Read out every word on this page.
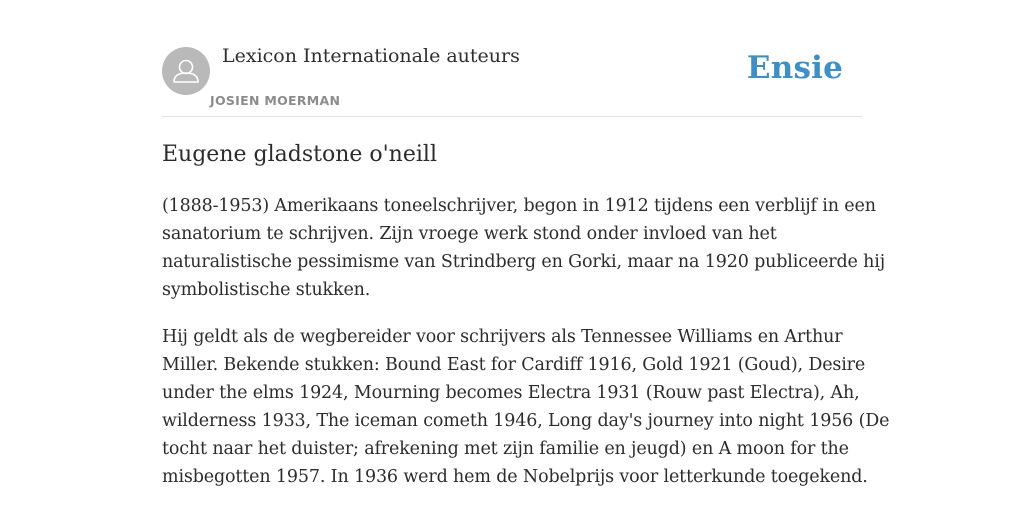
Lexicon Internationale auteurs
JOSIEN MOERMAN
Ensie
Eugene gladstone o'neill

(1888-1953) Amerikaans toneelschrijver, begon in 1912 tijdens een verblijf in een
sanatorium te schrijven. Zijn vroege werk stond onder invloed van het
naturalistische pessimisme van Strindberg en Gorki, maar na 1920 publiceerde hij
symbolistische stukken.

Hij geldt als de wegbereider voor schrijvers als Tennessee Williams en Arthur
Miller. Bekende stukken: Bound East for Cardiff 1916, Gold 1921 (Goud), Desire
under the elms 1924, Mourning becomes Electra 1931 (Rouw past Electra), Ah,
wilderness 1933, The iceman cometh 1946, Long day's journey into night 1956 (De
tocht naar het duister; afrekening met zijn familie en jeugd) en A moon for the
misbegotten 1957. In 1936 werd hem de Nobelprijs voor letterkunde toegekend.
